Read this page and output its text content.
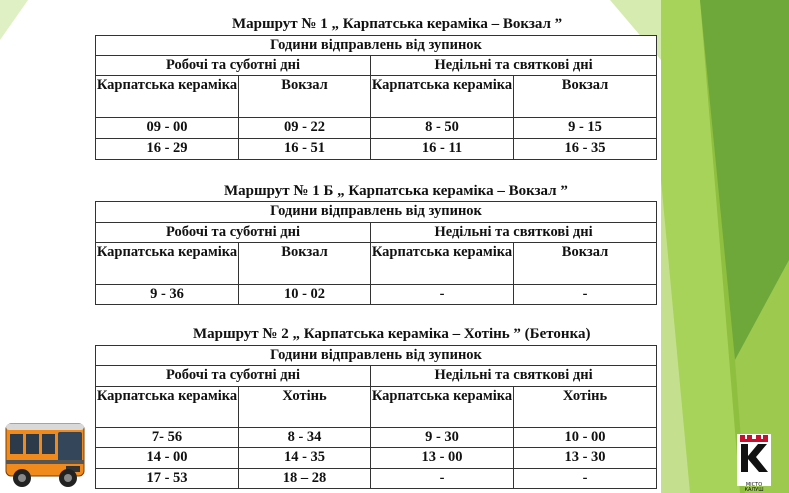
Маршрут № 1 „ Карпатська кераміка – Вокзал ”
Години відправлень від зупинок			
Робочі та суботні дні		Недільні та святкові дні	
Карпатська кераміка	Вокзал	Карпатська кераміка	Вокзал
09 - 00	09 - 22	8 - 50	9 - 15
16 - 29	16 - 51	16 - 11	16 - 35
Маршрут № 1 Б „ Карпатська кераміка – Вокзал ”
Години відправлень від зупинок			
Робочі та суботні дні		Недільні та святкові дні	
Карпатська кераміка	Вокзал	Карпатська кераміка	Вокзал
9 - 36	10 - 02	-	-
Маршрут № 2 „ Карпатська кераміка – Хотінь ” (Бетонка)
Години відправлень від зупинок			
Робочі та суботні дні		Недільні та святкові дні	
Карпатська кераміка	Хотінь	Карпатська кераміка	Хотінь
7- 56	8 - 34	9 - 30	10 - 00
14 - 00	14 - 35	13 - 00	13 - 30
17 - 53	18 – 28	-	-	МІСТО КАЛУШ
